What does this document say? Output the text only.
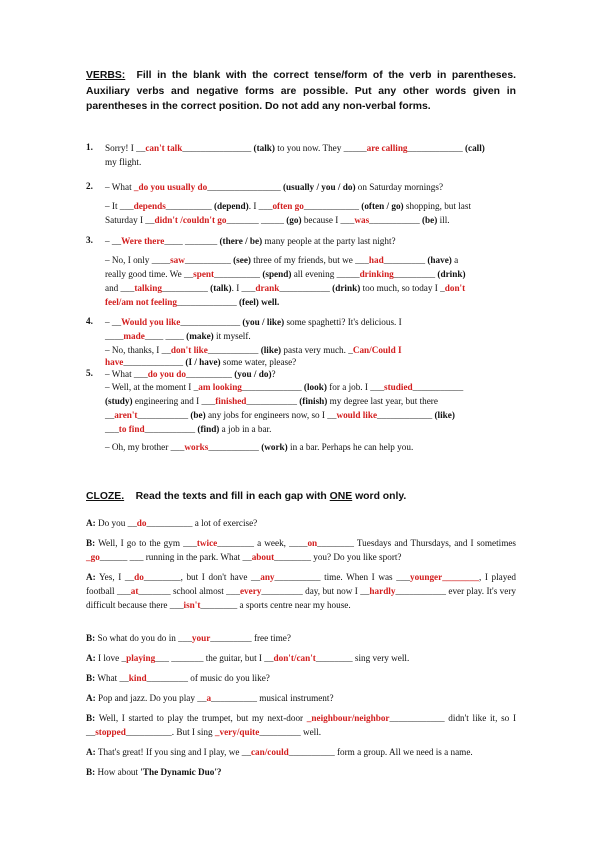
VERBS: Fill in the blank with the correct tense/form of the verb in parentheses. Auxiliary verbs and negative forms are possible. Put any other words given in parentheses in the correct position. Do not add any non-verbal forms.
1. Sorry! I __can't talk_______________ (talk) to you now. They _____are calling____________ (call)
my flight.
2. – What _do you usually do________________ (usually / you / do) on Saturday mornings?
– It ___depends__________ (depend). I ___often go____________ (often / go) shopping, but last
Saturday I __didn't /couldn't go_______ _____ (go) because I ___was___________ (be) ill.
3. – __Were there____ _______ (there / be) many people at the party last night?
– No, I only ____saw__________ (see) three of my friends, but we ___had_________ (have) a
really good time. We __spent__________ (spend) all evening _____drinking_________ (drink)
and ___talking__________ (talk). I ___drank___________ (drink) too much, so today I _don't
feel/am not feeling_____________ (feel) well.
4. – __Would you like_____________ (you / like) some spaghetti? It's delicious. I
____made____ ____ (make) it myself.
– No, thanks, I __don't like___________ (like) pasta very much. _Can/Could I
have_____________ (I / have) some water, please?
5. – What ___do you do__________ (you / do)?
– Well, at the moment I _am looking_____________ (look) for a job. I ___studied___________
(study) engineering and I ___finished___________ (finish) my degree last year, but there
__aren't___________ (be) any jobs for engineers now, so I __would like____________ (like)
___to find___________ (find) a job in a bar.
– Oh, my brother ___works___________ (work) in a bar. Perhaps he can help you.
CLOZE. Read the texts and fill in each gap with ONE word only.
A: Do you __do__________ a lot of exercise?
B: Well, I go to the gym ___twice________ a week, ____on________ Tuesdays and Thursdays, and I sometimes _go______ ___ running in the park. What __about________ you? Do you like sport?
A: Yes, I __do________, but I don't have __any__________ time. When I was ___younger________, I played football ___at_______ school almost ___every_________ day, but now I __hardly___________ ever play. It's very difficult because there ___isn't________ a sports centre near my house.
B: So what do you do in ___your_________ free time?
A: I love _playing___ _______ the guitar, but I __don't/can't________ sing very well.
B: What __kind_________ of music do you like?
A: Pop and jazz. Do you play __a__________ musical instrument?
B: Well, I started to play the trumpet, but my next-door _neighbour/neighbor____________ didn't like it, so I __stopped__________. But I sing _very/quite_________ well.
A: That's great! If you sing and I play, we __can/could__________ form a group. All we need is a name.
B: How about 'The Dynamic Duo'?
